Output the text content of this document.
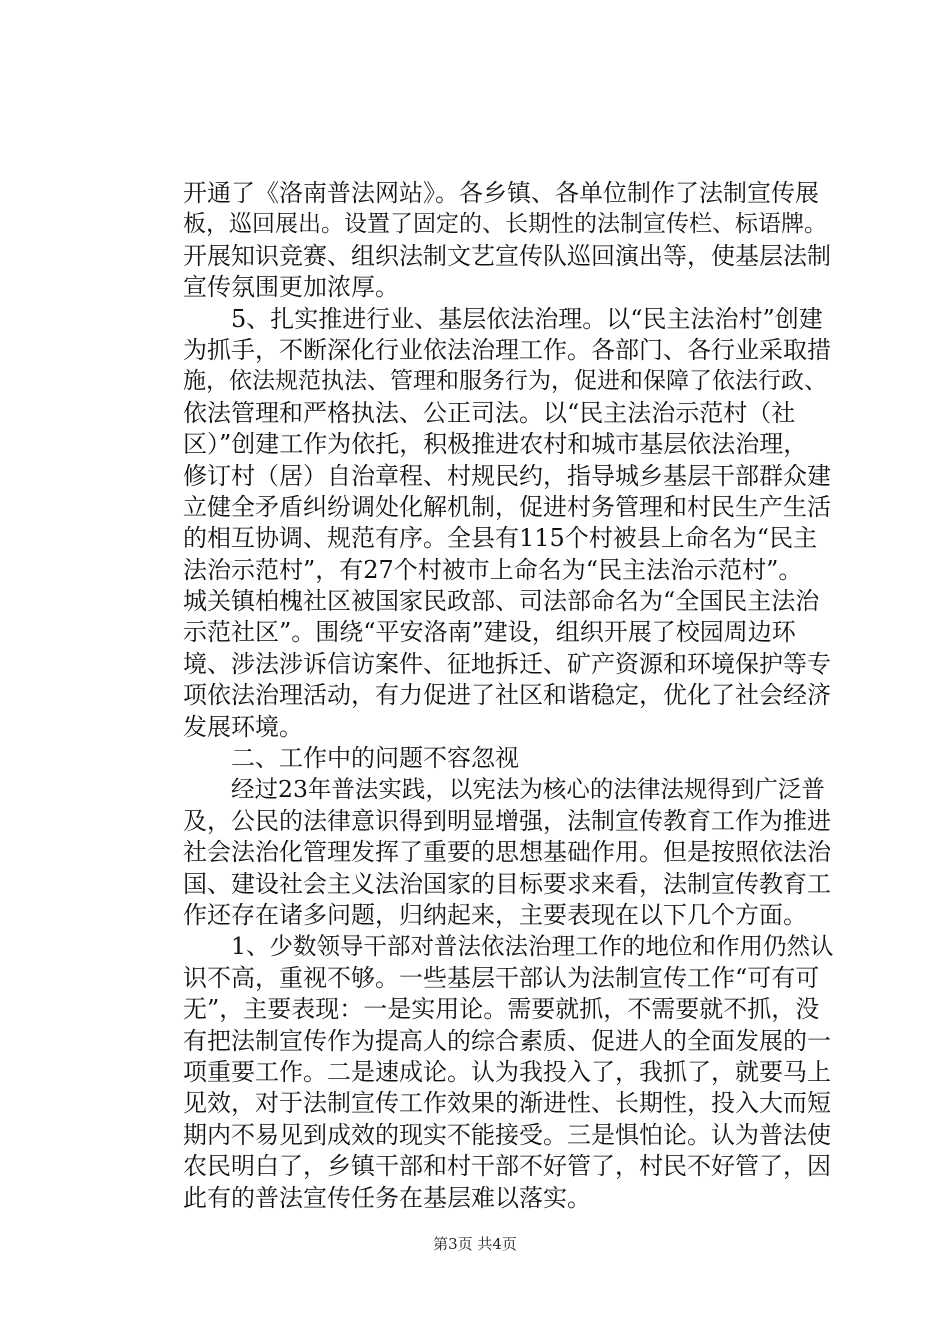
开通了《洛南普法网站》。各乡镇、各单位制作了法制宣传展
板，巡回展出。设置了固定的、长期性的法制宣传栏、标语牌。
开展知识竞赛、组织法制文艺宣传队巡回演出等，使基层法制
宣传氛围更加浓厚。
5、扎实推进行业、基层依法治理。以“民主法治村”创建
为抓手，不断深化行业依法治理工作。各部门、各行业采取措
施，依法规范执法、管理和服务行为，促进和保障了依法行政、
依法管理和严格执法、公正司法。以“民主法治示范村（社
区）”创建工作为依托，积极推进农村和城市基层依法治理，
修订村（居）自治章程、村规民约，指导城乡基层干部群众建
立健全矛盾纠纷调处化解机制，促进村务管理和村民生产生活
的相互协调、规范有序。全县有115个村被县上命名为“民主
法治示范村”，有27个村被市上命名为“民主法治示范村”。
城关镇柏槐社区被国家民政部、司法部命名为“全国民主法治
示范社区”。围绕“平安洛南”建设，组织开展了校园周边环
境、涉法涉诉信访案件、征地拆迁、矿产资源和环境保护等专
项依法治理活动，有力促进了社区和谐稳定，优化了社会经济
发展环境。
二、工作中的问题不容忽视
经过23年普法实践，以宪法为核心的法律法规得到广泛普
及，公民的法律意识得到明显增强，法制宣传教育工作为推进
社会法治化管理发挥了重要的思想基础作用。但是按照依法治
国、建设社会主义法治国家的目标要求来看，法制宣传教育工
作还存在诸多问题，归纳起来，主要表现在以下几个方面。
1、少数领导干部对普法依法治理工作的地位和作用仍然认
识不高，重视不够。一些基层干部认为法制宣传工作“可有可
无”，主要表现：一是实用论。需要就抓，不需要就不抓，没
有把法制宣传作为提高人的综合素质、促进人的全面发展的一
项重要工作。二是速成论。认为我投入了，我抓了，就要马上
见效，对于法制宣传工作效果的渐进性、长期性，投入大而短
期内不易见到成效的现实不能接受。三是惧怕论。认为普法使
农民明白了，乡镇干部和村干部不好管了，村民不好管了，因
此有的普法宣传任务在基层难以落实。
第3页 共4页
